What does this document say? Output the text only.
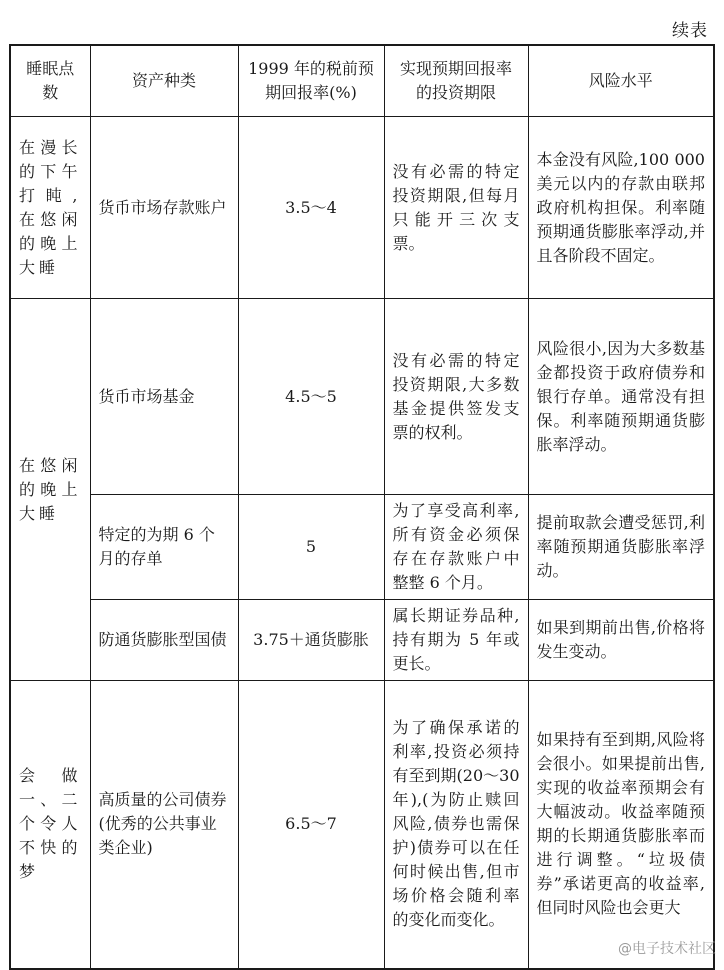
续表
睡眠点数	资产种类	1999 年的税前预期回报率(%)	实现预期回报率的投资期限	风险水平
在漫长的下午打盹,在悠闲的晚上大睡	货币市场存款账户	3.5～4	没有必需的特定投资期限,但每月只能开三次支票。	本金没有风险,100 000美元以内的存款由联邦政府机构担保。利率随预期通货膨胀率浮动,并且各阶段不固定。
在悠闲的晚上大睡	货币市场基金	4.5～5	没有必需的特定投资期限,大多数基金提供签发支票的权利。	风险很小,因为大多数基金都投资于政府债券和银行存单。通常没有担保。利率随预期通货膨胀率浮动。
	特定的为期 6 个月的存单	5	为了享受高利率,所有资金必须保存在存款账户中整整 6 个月。	提前取款会遭受惩罚,利率随预期通货膨胀率浮动。
	防通货膨胀型国债	3.75＋通货膨胀	属长期证券品种,持有期为 5 年或更长。	如果到期前出售,价格将发生变动。
会做一、二个令人不快的梦	高质量的公司债券(优秀的公共事业类企业)	6.5～7	为了确保承诺的利率,投资必须持有至到期(20～30年),(为防止赎回风险,债券也需保护)债券可以在任何时候出售,但市场价格会随利率的变化而变化。	如果持有至到期,风险将会很小。如果提前出售,实现的收益率预期会有大幅波动。收益率随预期的长期通货膨胀率而进行调整。“垃圾债券”承诺更高的收益率,但同时风险也会更大
@电子技术社区
